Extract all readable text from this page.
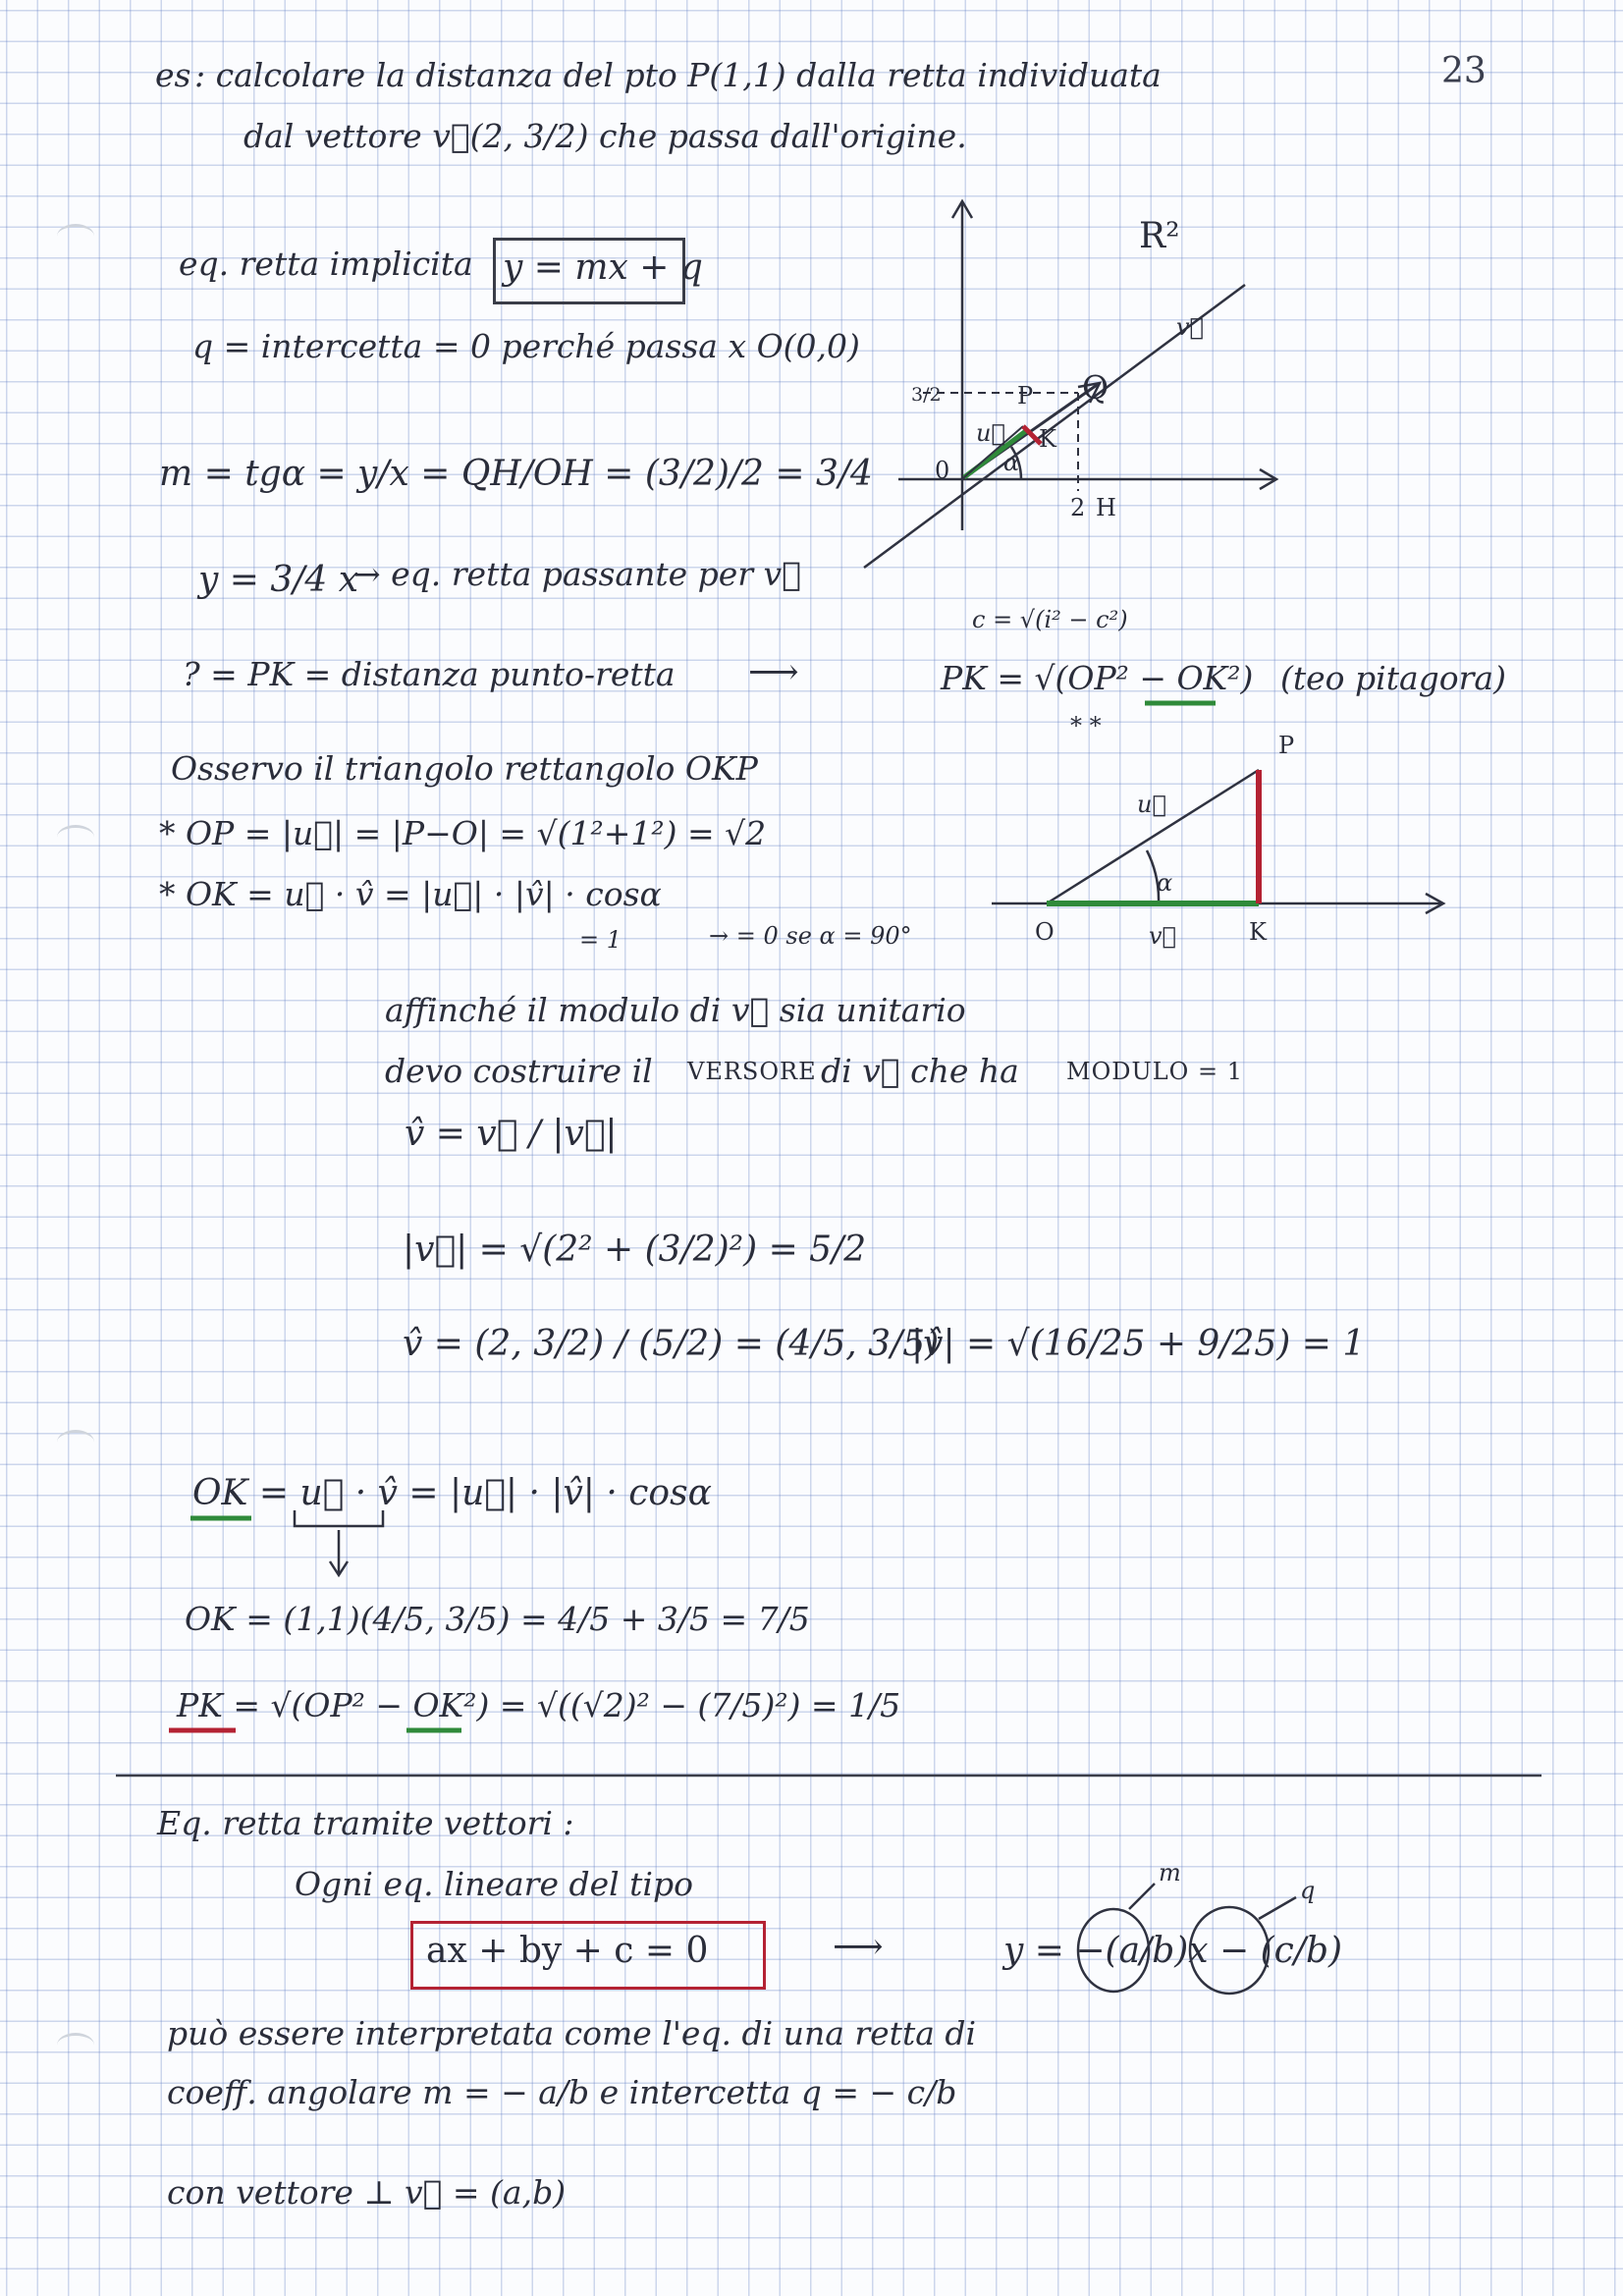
23
es : calcolare la distanza del pto P(1,1) dalla retta individuata
dal vettore v⃗(2, 3/2) che passa dall'origine.
eq. retta implicita y = mx + q
q = intercetta = 0 perché passa x O(0,0)
m = tgα = y/x = QH/OH = (3/2)/2 = 3/4
y = 3/4 x
→ eq. retta passante per v⃗
R²
v⃗
Q
P
K
u⃗
0 α
3/2
2 H
? = PK = distanza punto-retta ⟶
c = √(i² − c²)
PK = √(OP² − OK²) (teo pitagora)
* *
Osservo il triangolo rettangolo OKP
* OP = |u⃗| = |P−O| = √(1²+1²) = √2
* OK = u⃗ · v̂ = |u⃗| · |v̂| · cosα
= 1	→ = 0 se α = 90°
P
u⃗
α
O	v⃗	K
affinché il modulo di v⃗ sia unitario
devo costruire il VERSORE di v⃗ che ha MODULO = 1
v̂ = v⃗ / |v⃗|
|v⃗| = √(2² + (3/2)²) = 5/2
v̂ = (2, 3/2) / (5/2) = (4/5, 3/5)
|v̂| = √(16/25 + 9/25) = 1
OK = u⃗ · v̂ = |u⃗| · |v̂| · cosα
OK = (1,1)(4/5, 3/5) = 4/5 + 3/5 = 7/5
PK = √(OP² − OK²) = √((√2)² − (7/5)²) = 1/5
Eq. retta tramite vettori :
Ogni eq. lineare del tipo
ax + by + c = 0	⟶	y = −(a/b)x − (c/b)
m
q
può essere interpretata come l'eq. di una retta di
coeff. angolare m = − a/b e intercetta q = − c/b
con vettore ⊥ v⃗ = (a,b)
